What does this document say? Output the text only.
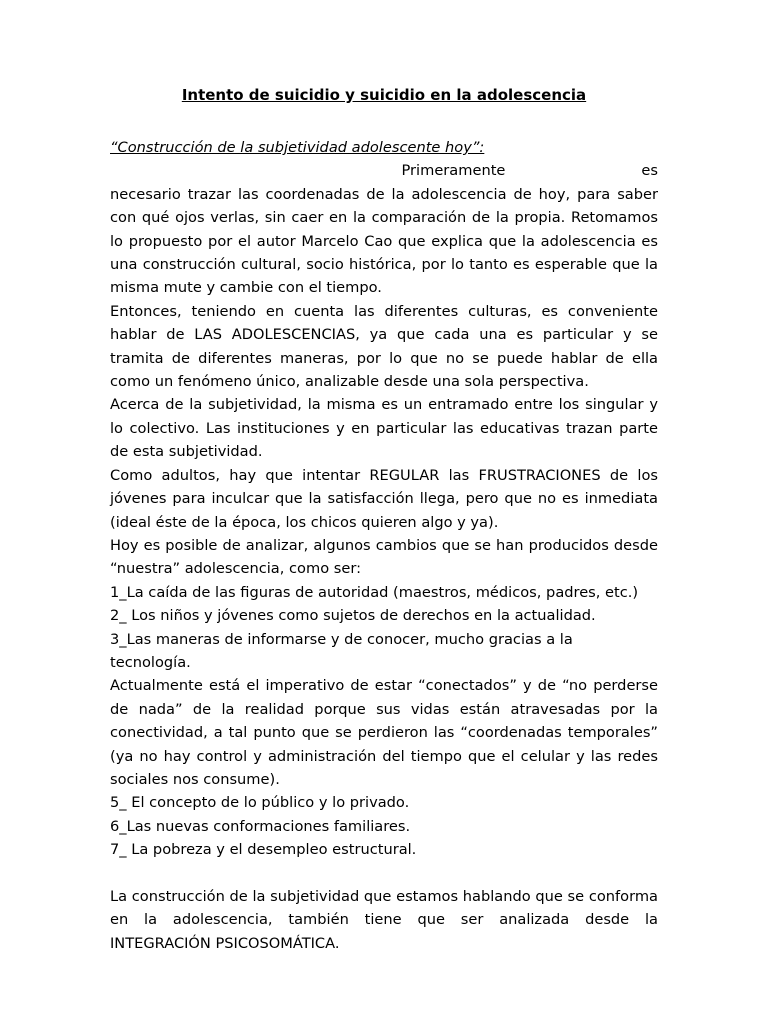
Intento de suicidio y suicidio en la adolescencia

“Construcción de la subjetividad adolescente hoy”:

Primeramente	es

necesario trazar las coordenadas de la adolescencia de hoy, para saber con qué ojos verlas, sin caer en la comparación de la propia. Retomamos lo propuesto por el autor Marcelo Cao que explica que la adolescencia es una construcción cultural, socio histórica, por lo tanto es esperable que la misma mute y cambie con el tiempo.

Entonces, teniendo en cuenta las diferentes culturas, es conveniente hablar de LAS ADOLESCENCIAS, ya que cada una es particular y se tramita de diferentes maneras, por lo que no se puede hablar de ella como un fenómeno único, analizable desde una sola perspectiva.

Acerca de la subjetividad, la misma es un entramado entre los singular y lo colectivo. Las instituciones y en particular las educativas trazan parte de esta subjetividad.

Como adultos, hay que intentar REGULAR las FRUSTRACIONES de los jóvenes para inculcar que la satisfacción llega, pero que no es inmediata (ideal éste de la época, los chicos quieren algo y ya).

Hoy es posible de analizar, algunos cambios que se han producidos desde “nuestra” adolescencia, como ser:

1_La caída de las figuras de autoridad (maestros, médicos, padres, etc.)

2_ Los niños y jóvenes como sujetos de derechos en la actualidad.

3_Las maneras de informarse y de conocer, mucho gracias a la tecnología.

Actualmente está el imperativo de estar “conectados” y de “no perderse de nada” de la realidad porque sus vidas están atravesadas por la conectividad, a tal punto que se perdieron las “coordenadas temporales” (ya no hay control y administración del tiempo que el celular y las redes sociales nos consume).

5_ El concepto de lo público y lo privado.

6_Las nuevas conformaciones familiares.

7_ La pobreza y el desempleo estructural.

La construcción de la subjetividad que estamos hablando que se conforma en la adolescencia, también tiene que ser analizada desde la INTEGRACIÓN PSICOSOMÁTICA.
